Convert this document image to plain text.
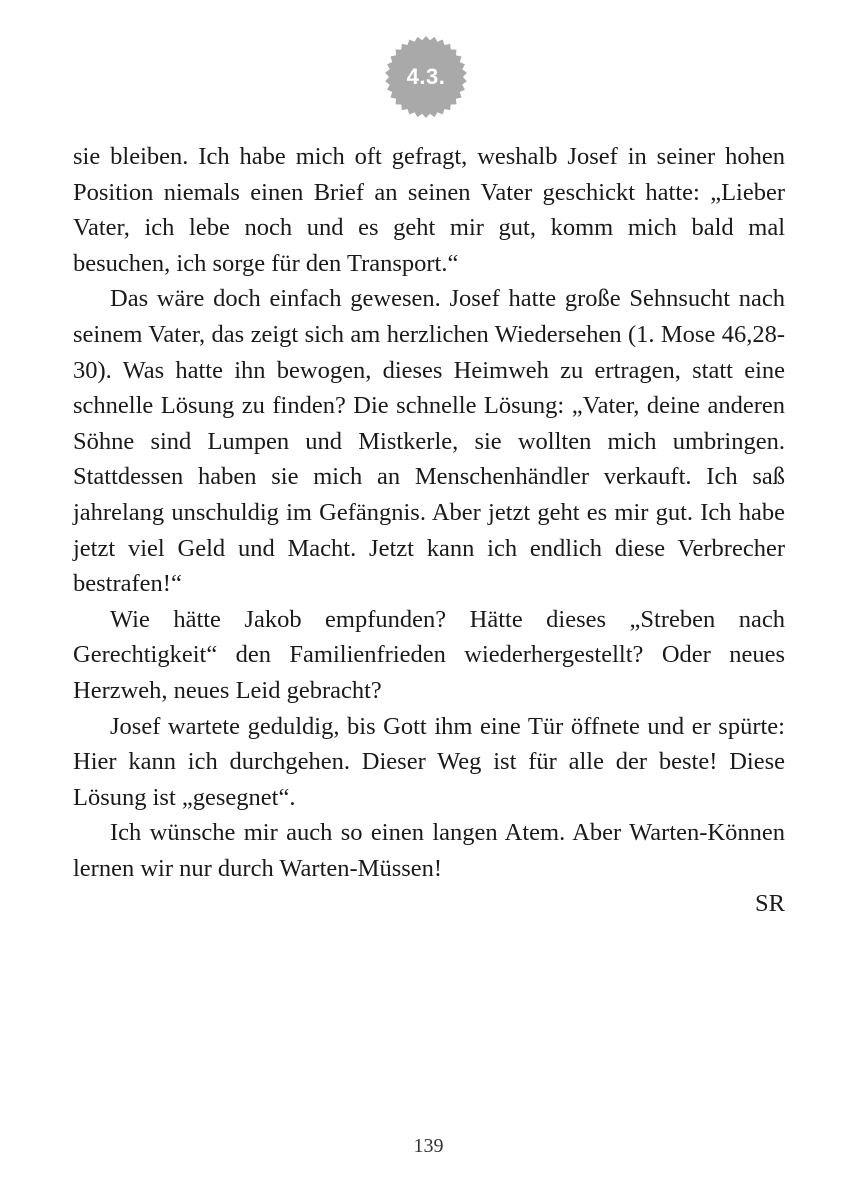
4.3.

sie bleiben. Ich habe mich oft gefragt, weshalb Josef in seiner hohen Position niemals einen Brief an seinen Vater geschickt hatte: „Lieber Vater, ich lebe noch und es geht mir gut, komm mich bald mal besuchen, ich sorge für den Transport.“

Das wäre doch einfach gewesen. Josef hatte große Sehnsucht nach seinem Vater, das zeigt sich am herzlichen Wiedersehen (1. Mose 46,28-30). Was hatte ihn bewogen, dieses Heimweh zu ertragen, statt eine schnelle Lösung zu finden? Die schnelle Lösung: „Vater, deine anderen Söhne sind Lumpen und Mistkerle, sie wollten mich umbringen. Stattdessen haben sie mich an Menschenhändler verkauft. Ich saß jahrelang unschuldig im Gefängnis. Aber jetzt geht es mir gut. Ich habe jetzt viel Geld und Macht. Jetzt kann ich endlich diese Verbrecher bestrafen!“

Wie hätte Jakob empfunden? Hätte dieses „Streben nach Gerechtigkeit“ den Familienfrieden wiederhergestellt? Oder neues Herzweh, neues Leid gebracht?

Josef wartete geduldig, bis Gott ihm eine Tür öffnete und er spürte: Hier kann ich durchgehen. Dieser Weg ist für alle der beste! Diese Lösung ist „gesegnet“.

Ich wünsche mir auch so einen langen Atem. Aber Warten-Können lernen wir nur durch Warten-Müssen!

SR

139
